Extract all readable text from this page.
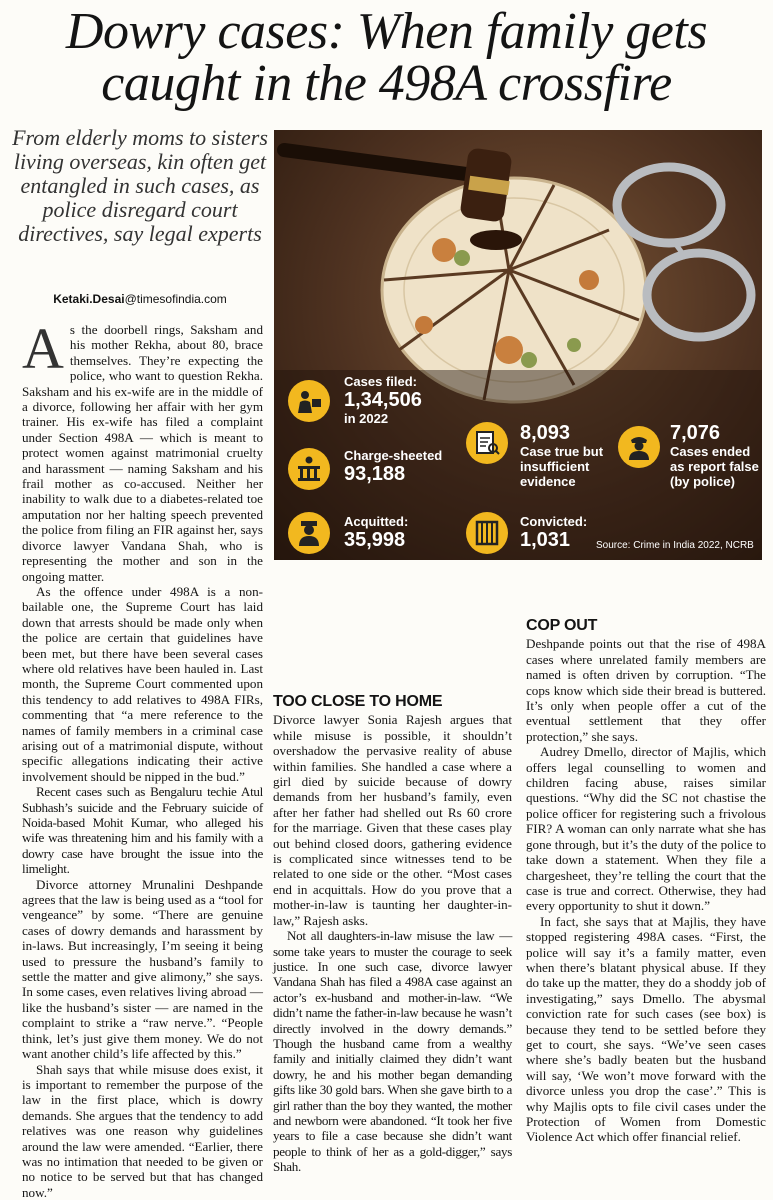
Dowry cases: When family gets
caught in the 498A crossfire
From elderly moms to sisters living overseas, kin often get entangled in such cases, as police disregard court directives, say legal experts
Ketaki.Desai@timesofindia.com
Cases filed:
1,34,506
in 2022
Charge-sheeted
93,188
Acquitted:
35,998
8,093
Case true but insufficient evidence
Convicted:
1,031
7,076
Cases ended as report false (by police)
Source: Crime in India 2022, NCRB

As the doorbell rings, Saksham and his mother Rekha, about 80, brace themselves. They’re expecting the police, who want to question Rekha. Saksham and his ex-wife are in the middle of a divorce, following her affair with her gym trainer. His ex-wife has filed a complaint under Section 498A — which is meant to protect women against matrimonial cruelty and harassment — naming Saksham and his frail mother as co-accused. Neither her inability to walk due to a diabetes-related toe amputation nor her halting speech prevented the police from filing an FIR against her, says divorce lawyer Vandana Shah, who is representing the mother and son in the ongoing matter.

As the offence under 498A is a non-bailable one, the Supreme Court has laid down that arrests should be made only when the police are certain that guidelines have been met, but there have been several cases where old relatives have been hauled in. Last month, the Supreme Court commented upon this tendency to add relatives to 498A FIRs, commenting that “a mere reference to the names of family members in a criminal case arising out of a matrimonial dispute, without specific allegations indicating their active involvement should be nipped in the bud.”

Recent cases such as Bengaluru techie Atul Subhash’s suicide and the February suicide of Noida-based Mohit Kumar, who alleged his wife was threatening him and his family with a dowry case have brought the issue into the limelight.

Divorce attorney Mrunalini Deshpande agrees that the law is being used as a “tool for vengeance” by some. “There are genuine cases of dowry demands and harassment by in-laws. But increasingly, I’m seeing it being used to pressure the husband’s family to settle the matter and give alimony,” she says. In some cases, even relatives living abroad — like the husband’s sister — are named in the complaint to strike a “raw nerve.”. “People think, let’s just give them money. We do not want another child’s life affected by this.”

Shah says that while misuse does exist, it is important to remember the purpose of the law in the first place, which is dowry demands. She argues that the tendency to add relatives was one reason why guidelines around the law were amended. “Earlier, there was no intimation that needed to be given or no notice to be served but that has changed now.”

TOO CLOSE TO HOME

Divorce lawyer Sonia Rajesh argues that while misuse is possible, it shouldn’t overshadow the pervasive reality of abuse within families. She handled a case where a girl died by suicide because of dowry demands from her husband’s family, even after her father had shelled out Rs 60 crore for the marriage. Given that these cases play out behind closed doors, gathering evidence is complicated since witnesses tend to be related to one side or the other. “Most cases end in acquittals. How do you prove that a mother-in-law is taunting her daughter-in-law,” Rajesh asks.

Not all daughters-in-law misuse the law — some take years to muster the courage to seek justice. In one such case, divorce lawyer Vandana Shah has filed a 498A case against an actor’s ex-husband and mother-in-law. “We didn’t name the father-in-law because he wasn’t directly involved in the dowry demands.” Though the husband came from a wealthy family and initially claimed they didn’t want dowry, he and his mother began demanding gifts like 30 gold bars. When she gave birth to a girl rather than the boy they wanted, the mother and newborn were abandoned. “It took her five years to file a case because she didn’t want people to think of her as a gold-digger,” says Shah.

COP OUT

Deshpande points out that the rise of 498A cases where unrelated family members are named is often driven by corruption. “The cops know which side their bread is buttered. It’s only when people offer a cut of the eventual settlement that they offer protection,” she says.

Audrey Dmello, director of Majlis, which offers legal counselling to women and children facing abuse, raises similar questions. “Why did the SC not chastise the police officer for registering such a frivolous FIR? A woman can only narrate what she has gone through, but it’s the duty of the police to take down a statement. When they file a chargesheet, they’re telling the court that the case is true and correct. Otherwise, they had every opportunity to shut it down.”

In fact, she says that at Majlis, they have stopped registering 498A cases. “First, the police will say it’s a family matter, even when there’s blatant physical abuse. If they do take up the matter, they do a shoddy job of investigating,” says Dmello. The abysmal conviction rate for such cases (see box) is because they tend to be settled before they get to court, she says. “We’ve seen cases where she’s badly beaten but the husband will say, ‘We won’t move forward with the divorce unless you drop the case’.” This is why Majlis opts to file civil cases under the Protection of Women from Domestic Violence Act which offer financial relief.
